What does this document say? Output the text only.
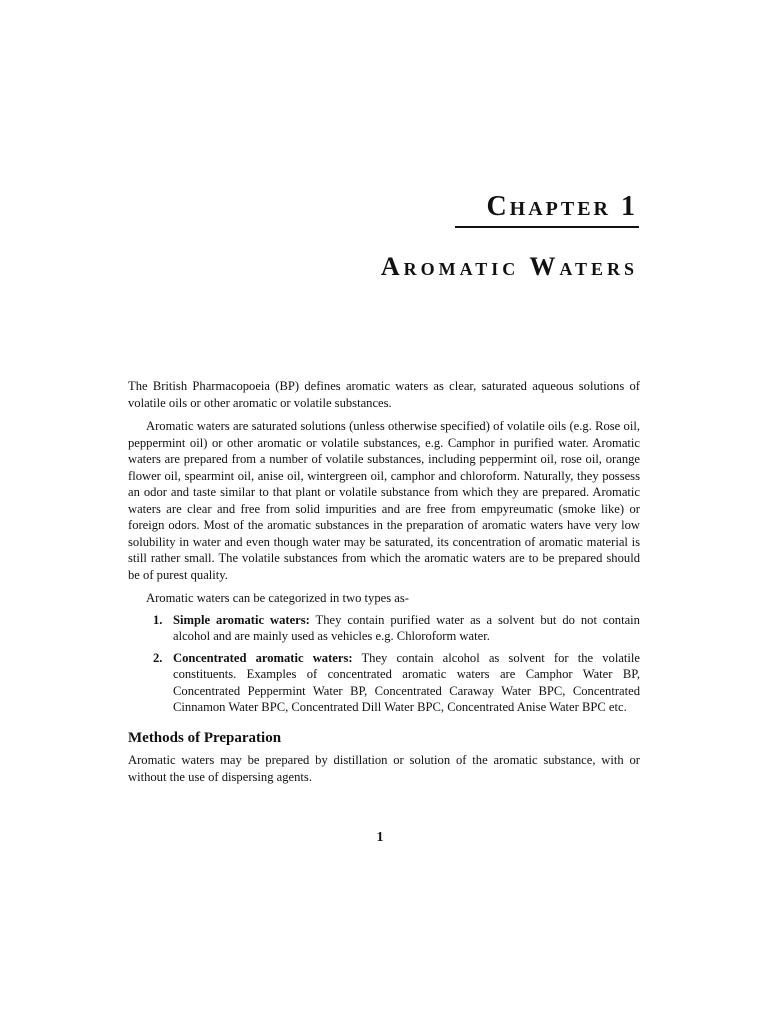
Chapter 1
Aromatic Waters

The British Pharmacopoeia (BP) defines aromatic waters as clear, saturated aqueous solutions of volatile oils or other aromatic or volatile substances.

Aromatic waters are saturated solutions (unless otherwise specified) of volatile oils (e.g. Rose oil, peppermint oil) or other aromatic or volatile substances, e.g. Camphor in purified water. Aromatic waters are prepared from a number of volatile substances, including peppermint oil, rose oil, orange flower oil, spearmint oil, anise oil, wintergreen oil, camphor and chloroform. Naturally, they possess an odor and taste similar to that plant or volatile substance from which they are prepared. Aromatic waters are clear and free from solid impurities and are free from empyreumatic (smoke like) or foreign odors. Most of the aromatic substances in the preparation of aromatic waters have very low solubility in water and even though water may be saturated, its concentration of aromatic material is still rather small. The volatile substances from which the aromatic waters are to be prepared should be of purest quality.

Aromatic waters can be categorized in two types as-

1. Simple aromatic waters: They contain purified water as a solvent but do not contain alcohol and are mainly used as vehicles e.g. Chloroform water.
2. Concentrated aromatic waters: They contain alcohol as solvent for the volatile constituents. Examples of concentrated aromatic waters are Camphor Water BP, Concentrated Peppermint Water BP, Concentrated Caraway Water BPC, Concentrated Cinnamon Water BPC, Concentrated Dill Water BPC, Concentrated Anise Water BPC etc.

Methods of Preparation

Aromatic waters may be prepared by distillation or solution of the aromatic substance, with or without the use of dispersing agents.

1
